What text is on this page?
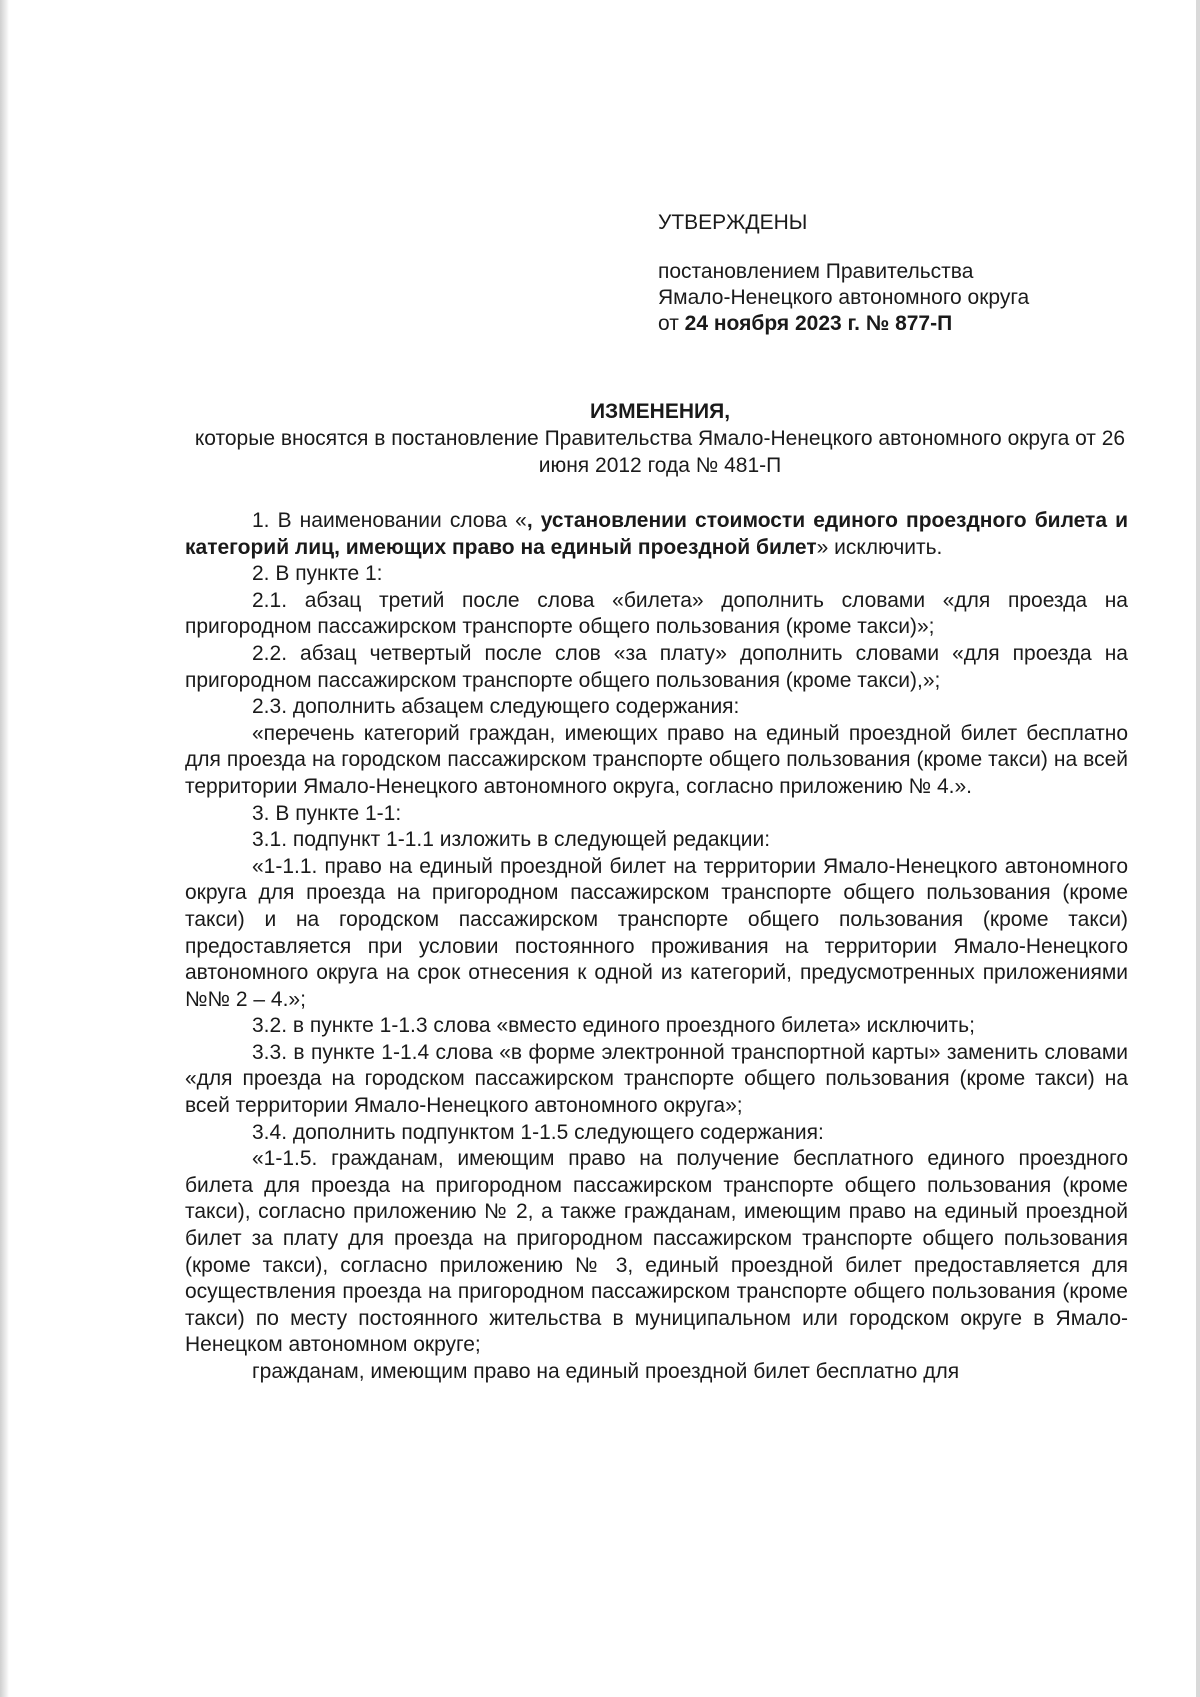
УТВЕРЖДЕНЫ
постановлением Правительства
Ямало-Ненецкого автономного округа
от 24 ноября 2023 г. № 877-П
ИЗМЕНЕНИЯ,
которые вносятся в постановление Правительства Ямало-Ненецкого автономного округа от 26 июня 2012 года № 481-П

1. В наименовании слова «, установлении стоимости единого проездного билета и категорий лиц, имеющих право на единый проездной билет» исключить.

2. В пункте 1:

2.1. абзац третий после слова «билета» дополнить словами «для проезда на пригородном пассажирском транспорте общего пользования (кроме такси)»;

2.2. абзац четвертый после слов «за плату» дополнить словами «для проезда на пригородном пассажирском транспорте общего пользования (кроме такси),»;

2.3. дополнить абзацем следующего содержания:

«перечень категорий граждан, имеющих право на единый проездной билет бесплатно для проезда на городском пассажирском транспорте общего пользования (кроме такси) на всей территории Ямало-Ненецкого автономного округа, согласно приложению № 4.».

3. В пункте 1-1:

3.1. подпункт 1-1.1 изложить в следующей редакции:

«1-1.1. право на единый проездной билет на территории Ямало-Ненецкого автономного округа для проезда на пригородном пассажирском транспорте общего пользования (кроме такси) и на городском пассажирском транспорте общего пользования (кроме такси) предоставляется при условии постоянного проживания на территории Ямало-Ненецкого автономного округа на срок отнесения к одной из категорий, предусмотренных приложениями №№ 2 – 4.»;

3.2. в пункте 1-1.3 слова «вместо единого проездного билета» исключить;

3.3. в пункте 1-1.4 слова «в форме электронной транспортной карты» заменить словами «для проезда на городском пассажирском транспорте общего пользования (кроме такси) на всей территории Ямало-Ненецкого автономного округа»;

3.4. дополнить подпунктом 1-1.5 следующего содержания:

«1-1.5. гражданам, имеющим право на получение бесплатного единого проездного билета для проезда на пригородном пассажирском транспорте общего пользования (кроме такси), согласно приложению № 2, а также гражданам, имеющим право на единый проездной билет за плату для проезда на пригородном пассажирском транспорте общего пользования (кроме такси), согласно приложению № 3, единый проездной билет предоставляется для осуществления проезда на пригородном пассажирском транспорте общего пользования (кроме такси) по месту постоянного жительства в муниципальном или городском округе в Ямало-Ненецком автономном округе;

гражданам, имеющим право на единый проездной билет бесплатно для
